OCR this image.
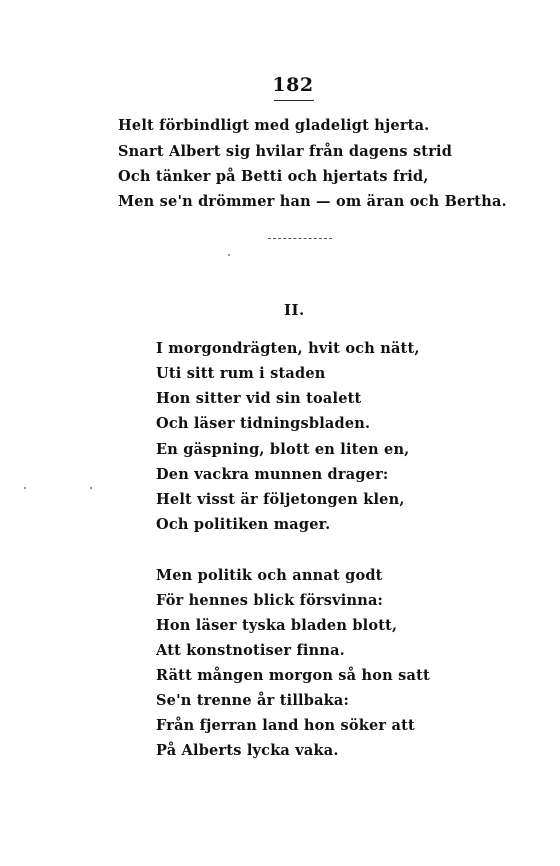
182
Helt förbindligt med gladeligt hjerta.
Snart Albert sig hvilar från dagens strid
Och tänker på Betti och hjertats frid,
Men se'n drömmer han — om äran och Bertha.
II.
I morgondrägten, hvit och nätt,
Uti sitt rum i staden
Hon sitter vid sin toalett
Och läser tidningsbladen.
En gäspning, blott en liten en,
Den vackra munnen drager:
Helt visst är följetongen klen,
Och politiken mager.
Men politik och annat godt
För hennes blick försvinna:
Hon läser tyska bladen blott,
Att konstnotiser finna.
Rätt mången morgon så hon satt
Se'n trenne år tillbaka:
Från fjerran land hon söker att
På Alberts lycka vaka.
